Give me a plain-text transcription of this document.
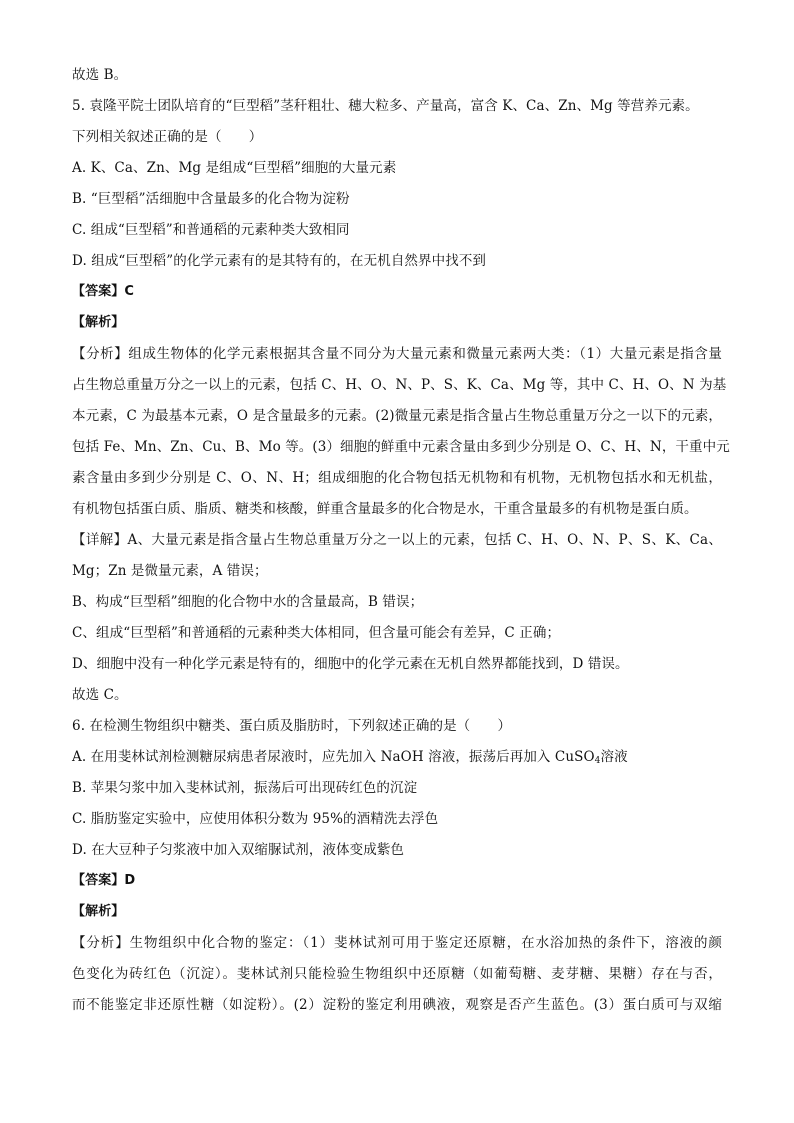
故选 B。
5. 袁隆平院士团队培育的“巨型稻”茎秆粗壮、穗大粒多、产量高，富含 K、Ca、Zn、Mg 等营养元素。
下列相关叙述正确的是（　　）
A. K、Ca、Zn、Mg 是组成“巨型稻”细胞的大量元素
B. “巨型稻”活细胞中含量最多的化合物为淀粉
C. 组成“巨型稻”和普通稻的元素种类大致相同
D. 组成“巨型稻”的化学元素有的是其特有的，在无机自然界中找不到
【答案】C
【解析】
【分析】组成生物体的化学元素根据其含量不同分为大量元素和微量元素两大类：（1）大量元素是指含量
占生物总重量万分之一以上的元素，包括 C、H、O、N、P、S、K、Ca、Mg 等，其中 C、H、O、N 为基
本元素，C 为最基本元素，O 是含量最多的元素。(2)微量元素是指含量占生物总重量万分之一以下的元素，
包括 Fe、Mn、Zn、Cu、B、Mo 等。(3）细胞的鲜重中元素含量由多到少分别是 O、C、H、N，干重中元
素含量由多到少分别是 C、O、N、H；组成细胞的化合物包括无机物和有机物，无机物包括水和无机盐，
有机物包括蛋白质、脂质、糖类和核酸，鲜重含量最多的化合物是水，干重含量最多的有机物是蛋白质。
【详解】A、大量元素是指含量占生物总重量万分之一以上的元素，包括 C、H、O、N、P、S、K、Ca、
Mg；Zn 是微量元素，A 错误；
B、构成“巨型稻”细胞的化合物中水的含量最高，B 错误；
C、组成“巨型稻”和普通稻的元素种类大体相同，但含量可能会有差异，C 正确；
D、细胞中没有一种化学元素是特有的，细胞中的化学元素在无机自然界都能找到，D 错误。
故选 C。
6. 在检测生物组织中糖类、蛋白质及脂肪时，下列叙述正确的是（　　）
A. 在用斐林试剂检测糖尿病患者尿液时，应先加入 NaOH 溶液，振荡后再加入 CuSO$_4$溶液
B. 苹果匀浆中加入斐林试剂，振荡后可出现砖红色的沉淀
C. 脂肪鉴定实验中，应使用体积分数为 95%的酒精洗去浮色
D. 在大豆种子匀浆液中加入双缩脲试剂，液体变成紫色
【答案】D
【解析】
【分析】生物组织中化合物的鉴定：（1）斐林试剂可用于鉴定还原糖，在水浴加热的条件下，溶液的颜
色变化为砖红色（沉淀）。斐林试剂只能检验生物组织中还原糖（如葡萄糖、麦芽糖、果糖）存在与否，
而不能鉴定非还原性糖（如淀粉）。(2）淀粉的鉴定利用碘液，观察是否产生蓝色。(3）蛋白质可与双缩
